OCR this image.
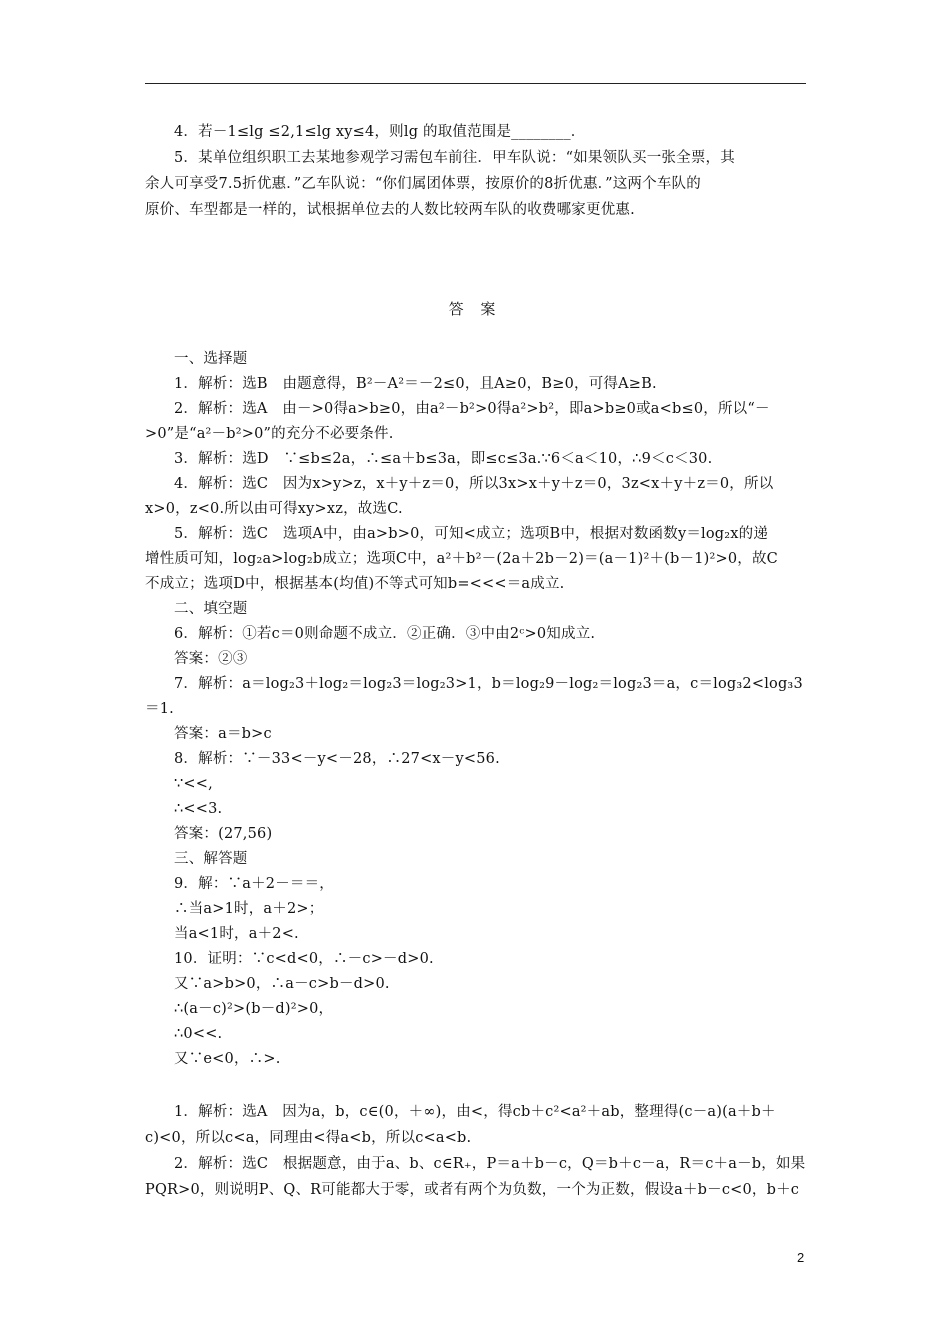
4．若－1≤lg ≤2,1≤lg xy≤4，则lg 的取值范围是________．
5．某单位组织职工去某地参观学习需包车前往．甲车队说：“如果领队买一张全票，其
余人可享受7.5折优惠．”乙车队说：“你们属团体票，按原价的8折优惠．”这两个车队的
原价、车型都是一样的，试根据单位去的人数比较两车队的收费哪家更优惠.
答 案
一、选择题
1．解析：选B　由题意得，B²－A²＝－2≤0，且A≥0，B≥0，可得A≥B.
2．解析：选A　由－>0得a>b≥0，由a²－b²>0得a²>b²，即a>b≥0或a<b≤0，所以“－
>0”是“a²－b²>0”的充分不必要条件.
3．解析：选D　∵≤b≤2a，∴≤a＋b≤3a，即≤c≤3a.∵6＜a＜10，∴9＜c＜30.
4．解析：选C　因为x>y>z，x＋y＋z＝0，所以3x>x＋y＋z＝0，3z<x＋y＋z＝0，所以
x>0，z<0.所以由可得xy>xz，故选C.
5．解析：选C　选项A中，由a>b>0，可知<成立；选项B中，根据对数函数y＝log₂x的递
增性质可知，log₂a>log₂b成立；选项C中，a²＋b²－(2a＋2b－2)＝(a－1)²＋(b－1)²>0，故C
不成立；选项D中，根据基本(均值)不等式可知b=<<<＝a成立.
二、填空题
6．解析：①若c＝0则命题不成立．②正确．③中由2ᶜ>0知成立.
答案：②③
7．解析：a＝log₂3＋log₂＝log₂3＝log₂3>1，b＝log₂9－log₂＝log₂3＝a，c＝log₃2<log₃3
＝1.
答案：a＝b>c
8．解析：∵－33<－y<－28，∴27<x－y<56.
∵<<,
∴<<3.
答案：(27,56)
三、解答题
9．解：∵a＋2－＝＝，
∴当a>1时，a＋2>；
当a<1时，a＋2<.
10．证明：∵c<d<0，∴－c>－d>0.
又∵a>b>0，∴a－c>b－d>0.
∴(a－c)²>(b－d)²>0，
∴0<<.
又∵e<0，∴>.
1．解析：选A　因为a，b，c∈(0，＋∞)，由<，得cb＋c²<a²＋ab，整理得(c－a)(a＋b＋
c)<0，所以c<a，同理由<得a<b，所以c<a<b.
2．解析：选C　根据题意，由于a、b、c∈R₊，P＝a＋b－c，Q＝b＋c－a，R＝c＋a－b，如果
PQR>0，则说明P、Q、R可能都大于零，或者有两个为负数，一个为正数，假设a＋b－c<0，b＋c
2
